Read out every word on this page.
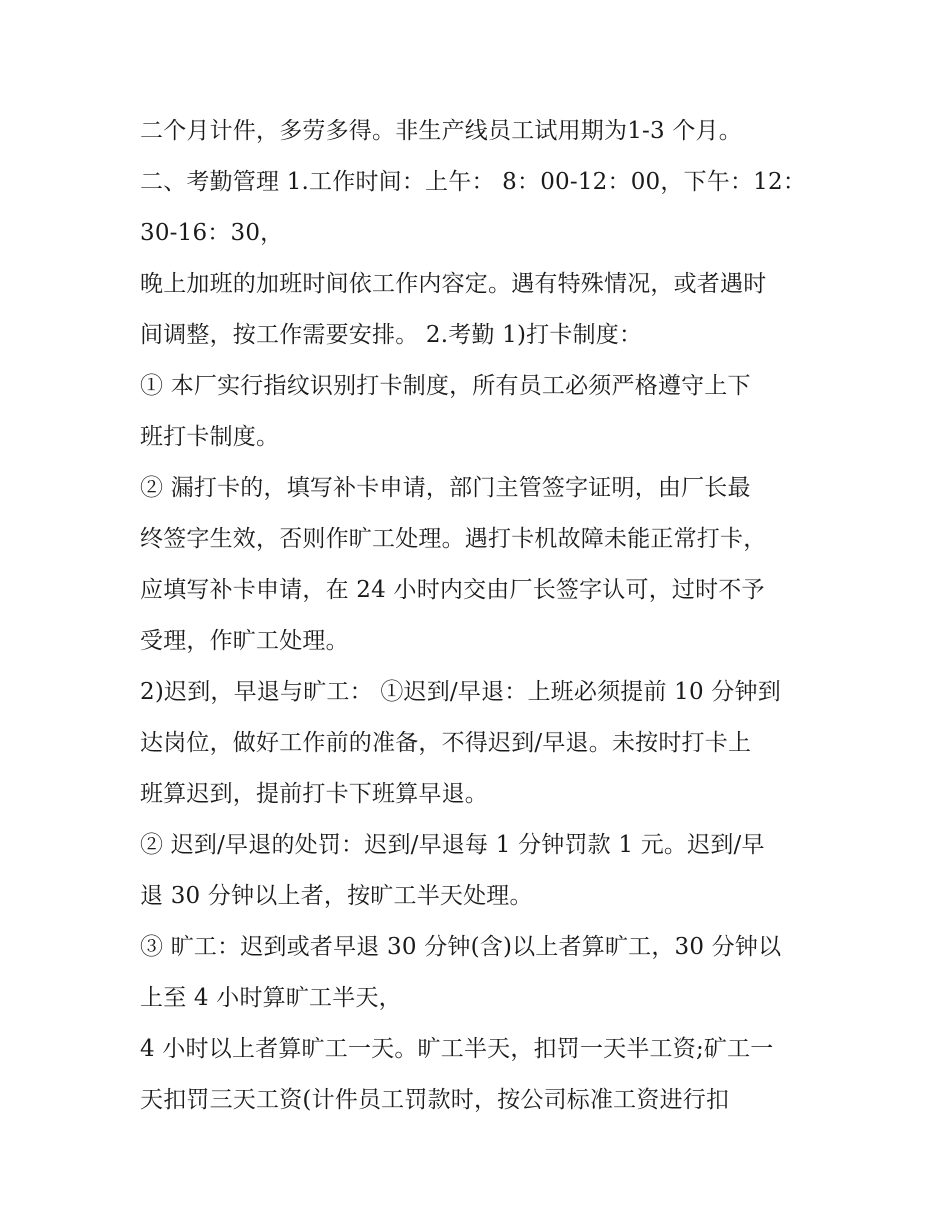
二个月计件，多劳多得。非生产线员工试用期为1-3 个月。
二、考勤管理 1.工作时间：上午： 8：00-12：00，下午：12：
30-16：30，
晚上加班的加班时间依工作内容定。遇有特殊情况，或者遇时
间调整，按工作需要安排。 2.考勤 1)打卡制度：
① 本厂实行指纹识别打卡制度，所有员工必须严格遵守上下
班打卡制度。
② 漏打卡的，填写补卡申请，部门主管签字证明，由厂长最
终签字生效，否则作旷工处理。遇打卡机故障未能正常打卡，
应填写补卡申请，在 24 小时内交由厂长签字认可，过时不予
受理，作旷工处理。
2)迟到，早退与旷工： ①迟到/早退：上班必须提前 10 分钟到
达岗位，做好工作前的准备，不得迟到/早退。未按时打卡上
班算迟到，提前打卡下班算早退。
② 迟到/早退的处罚：迟到/早退每 1 分钟罚款 1 元。迟到/早
退 30 分钟以上者，按旷工半天处理。
③ 旷工：迟到或者早退 30 分钟(含)以上者算旷工，30 分钟以
上至 4 小时算旷工半天，
4 小时以上者算旷工一天。旷工半天，扣罚一天半工资;矿工一
天扣罚三天工资(计件员工罚款时，按公司标准工资进行扣
